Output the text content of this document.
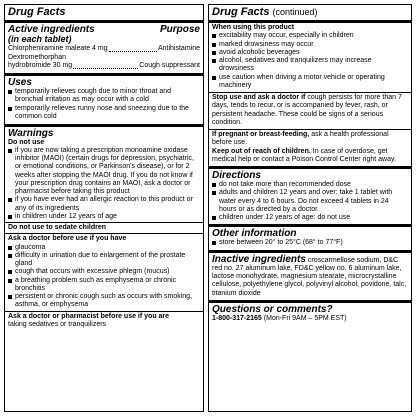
Drug Facts
Active ingredients	Purpose
(in each tablet)
Chlorpheniramine maleate 4 mg	Antihistamine
Dextromethorphan
hydrobromide 30 mg	Cough suppressant
Uses
temporarily relieves cough due to minor throat and bronchial irritation as may occur with a cold
temporarily relieves runny nose and sneezing due to the common cold
Warnings
Do not use
if you are now taking a prescription monoamine oxidase inhibitor (MAOI) (certain drugs for depression, psychiatric, or emotional conditions, or Parkinson's disease), or for 2 weeks after stopping the MAOI drug. If you do not know if your prescription drug contains an MAOI, ask a doctor or pharmacist before taking this product
if you have ever had an allergic reaction to this product or any of its ingredients
in children under 12 years of age
Do not use to sedate children
Ask a doctor before use if you have
glaucoma
difficulty in urination due to enlargement of the prostate gland
cough that occurs with excessive phlegm (mucus)
a breathing problem such as emphysema or chronic bronchitis
persistent or chronic cough such as occurs with smoking, asthma, or emphysema
Ask a doctor or pharmacist before use if you are
taking sedatives or tranquilizers
Drug Facts (continued)
When using this product
excitability may occur, especially in children
marked drowsiness may occur
avoid alcoholic beverages
alcohol, sedatives and tranquilizers may increase drowsiness
use caution when driving a motor vehicle or operating machinery
Stop use and ask a doctor if cough persists for more than 7 days, tends to recur, or is accompanied by fever, rash, or persistent headache. These could be signs of a serious condition.
If pregnant or breast-feeding, ask a health professional before use.
Keep out of reach of children. In case of overdose, get medical help or contact a Poison Control Center right away.
Directions
do not take more than recommended dose
adults and children 12 years and over: take 1 tablet with water every 4 to 6 hours. Do not exceed 4 tablets in 24 hours or as directed by a doctor.
children under 12 years of age: do not use
Other information
store between 20° to 25°C (68° to 77°F)
Inactive ingredients croscarmellose sodium, D&C red no. 27 aluminum lake, FD&C yellow no. 6 aluminum lake, lactose monohydrate, magnesium stearate, microcrystalline cellulose, polyethylene glycol, polyvinyl alcohol, povidone, talc, titanium dioxide
Questions or comments?
1-800-317-2165 (Mon-Fri 9AM – 5PM EST)
